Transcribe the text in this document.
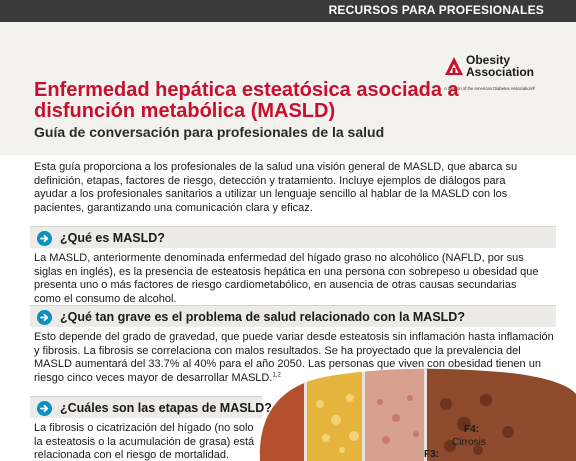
RECURSOS PARA PROFESIONALES
Obesity
Association
A division of the American Diabetes Association®
Enfermedad hepática esteatósica asociada a
disfunción metabólica (MASLD)
Guía de conversación para profesionales de la salud
Esta guía proporciona a los profesionales de la salud una visión general de MASLD, que abarca su
definición, etapas, factores de riesgo, detección y tratamiento. Incluye ejemplos de diálogos para
ayudar a los profesionales sanitarios a utilizar un lenguaje sencillo al hablar de la MASLD con los
pacientes, garantizando una comunicación clara y eficaz.
¿Qué es MASLD?
La MASLD, anteriormente denominada enfermedad del hígado graso no alcohólico (NAFLD, por sus
siglas en inglés), es la presencia de esteatosis hepática en una persona con sobrepeso u obesidad que
presenta uno o más factores de riesgo cardiometabólico, en ausencia de otras causas secundarias
como el consumo de alcohol.
¿Qué tan grave es el problema de salud relacionado con la MASLD?
Esto depende del grado de gravedad, que puede variar desde esteatosis sin inflamación hasta inflamación
y fibrosis. La fibrosis se correlaciona con malos resultados. Se ha proyectado que la prevalencia del
MASLD aumentará del 33.7% al 40% para el año 2050. Las personas que viven con obesidad tienen un
riesgo cinco veces mayor de desarrollar MASLD.$^{1,2}$
¿Cuáles son las etapas de MASLD?
La fibrosis o cicatrización del hígado (no solo
la esteatosis o la acumulación de grasa) está
relacionada con el riesgo de mortalidad.
F4:
Cirrosis
F3:
